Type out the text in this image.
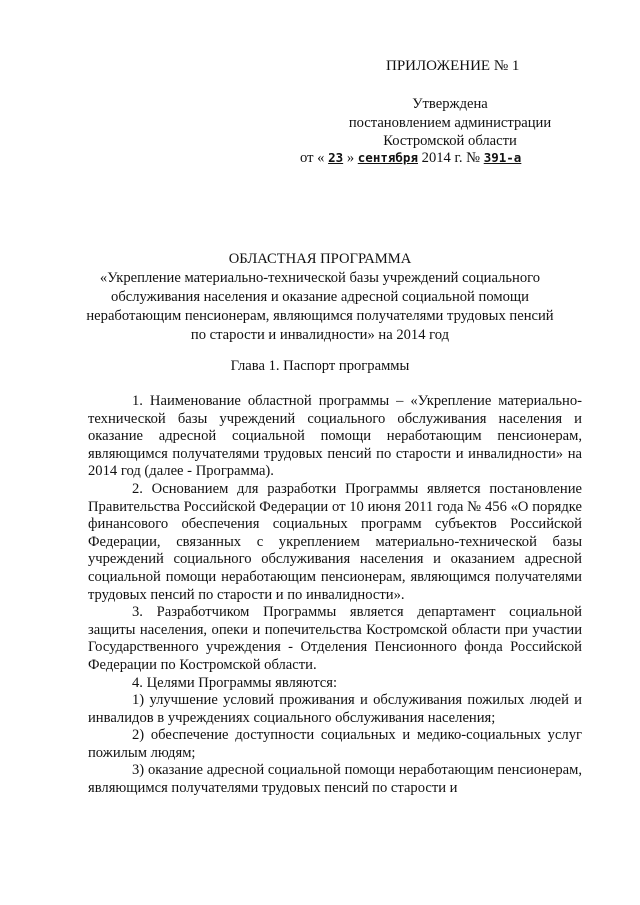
ПРИЛОЖЕНИЕ № 1
Утверждена
постановлением администрации
Костромской области
от « 23 » сентября 2014 г. № 391-а
ОБЛАСТНАЯ ПРОГРАММА
«Укрепление материально-технической базы учреждений социального
обслуживания населения и оказание адресной социальной помощи
неработающим пенсионерам, являющимся получателями трудовых пенсий
по старости и инвалидности» на 2014 год
Глава 1. Паспорт программы

1. Наименование областной программы – «Укрепление материально-технической базы учреждений социального обслуживания населения и оказание адресной социальной помощи неработающим пенсионерам, являющимся получателями трудовых пенсий по старости и инвалидности» на 2014 год (далее - Программа).

2. Основанием для разработки Программы является постановление Правительства Российской Федерации от 10 июня 2011 года № 456 «О порядке финансового обеспечения социальных программ субъектов Российской Федерации, связанных с укреплением материально-технической базы учреждений социального обслуживания населения и оказанием адресной социальной помощи неработающим пенсионерам, являющимся получателями трудовых пенсий по старости и по инвалидности».

3. Разработчиком Программы является департамент социальной защиты населения, опеки и попечительства Костромской области при участии Государственного учреждения - Отделения Пенсионного фонда Российской Федерации по Костромской области.

4. Целями Программы являются:

1) улучшение условий проживания и обслуживания пожилых людей и инвалидов в учреждениях социального обслуживания населения;

2) обеспечение доступности социальных и медико-социальных услуг пожилым людям;

3) оказание адресной социальной помощи неработающим пенсионерам, являющимся получателями трудовых пенсий по старости и
